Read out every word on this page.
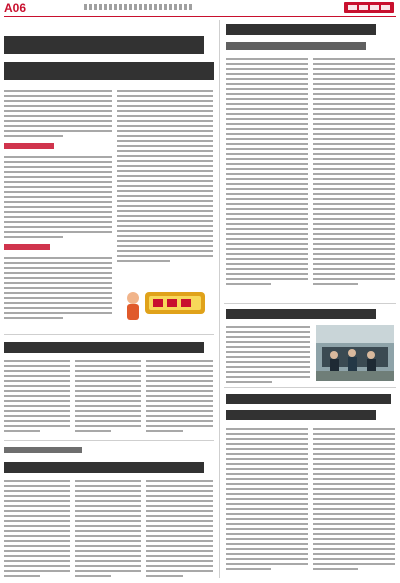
A 06
